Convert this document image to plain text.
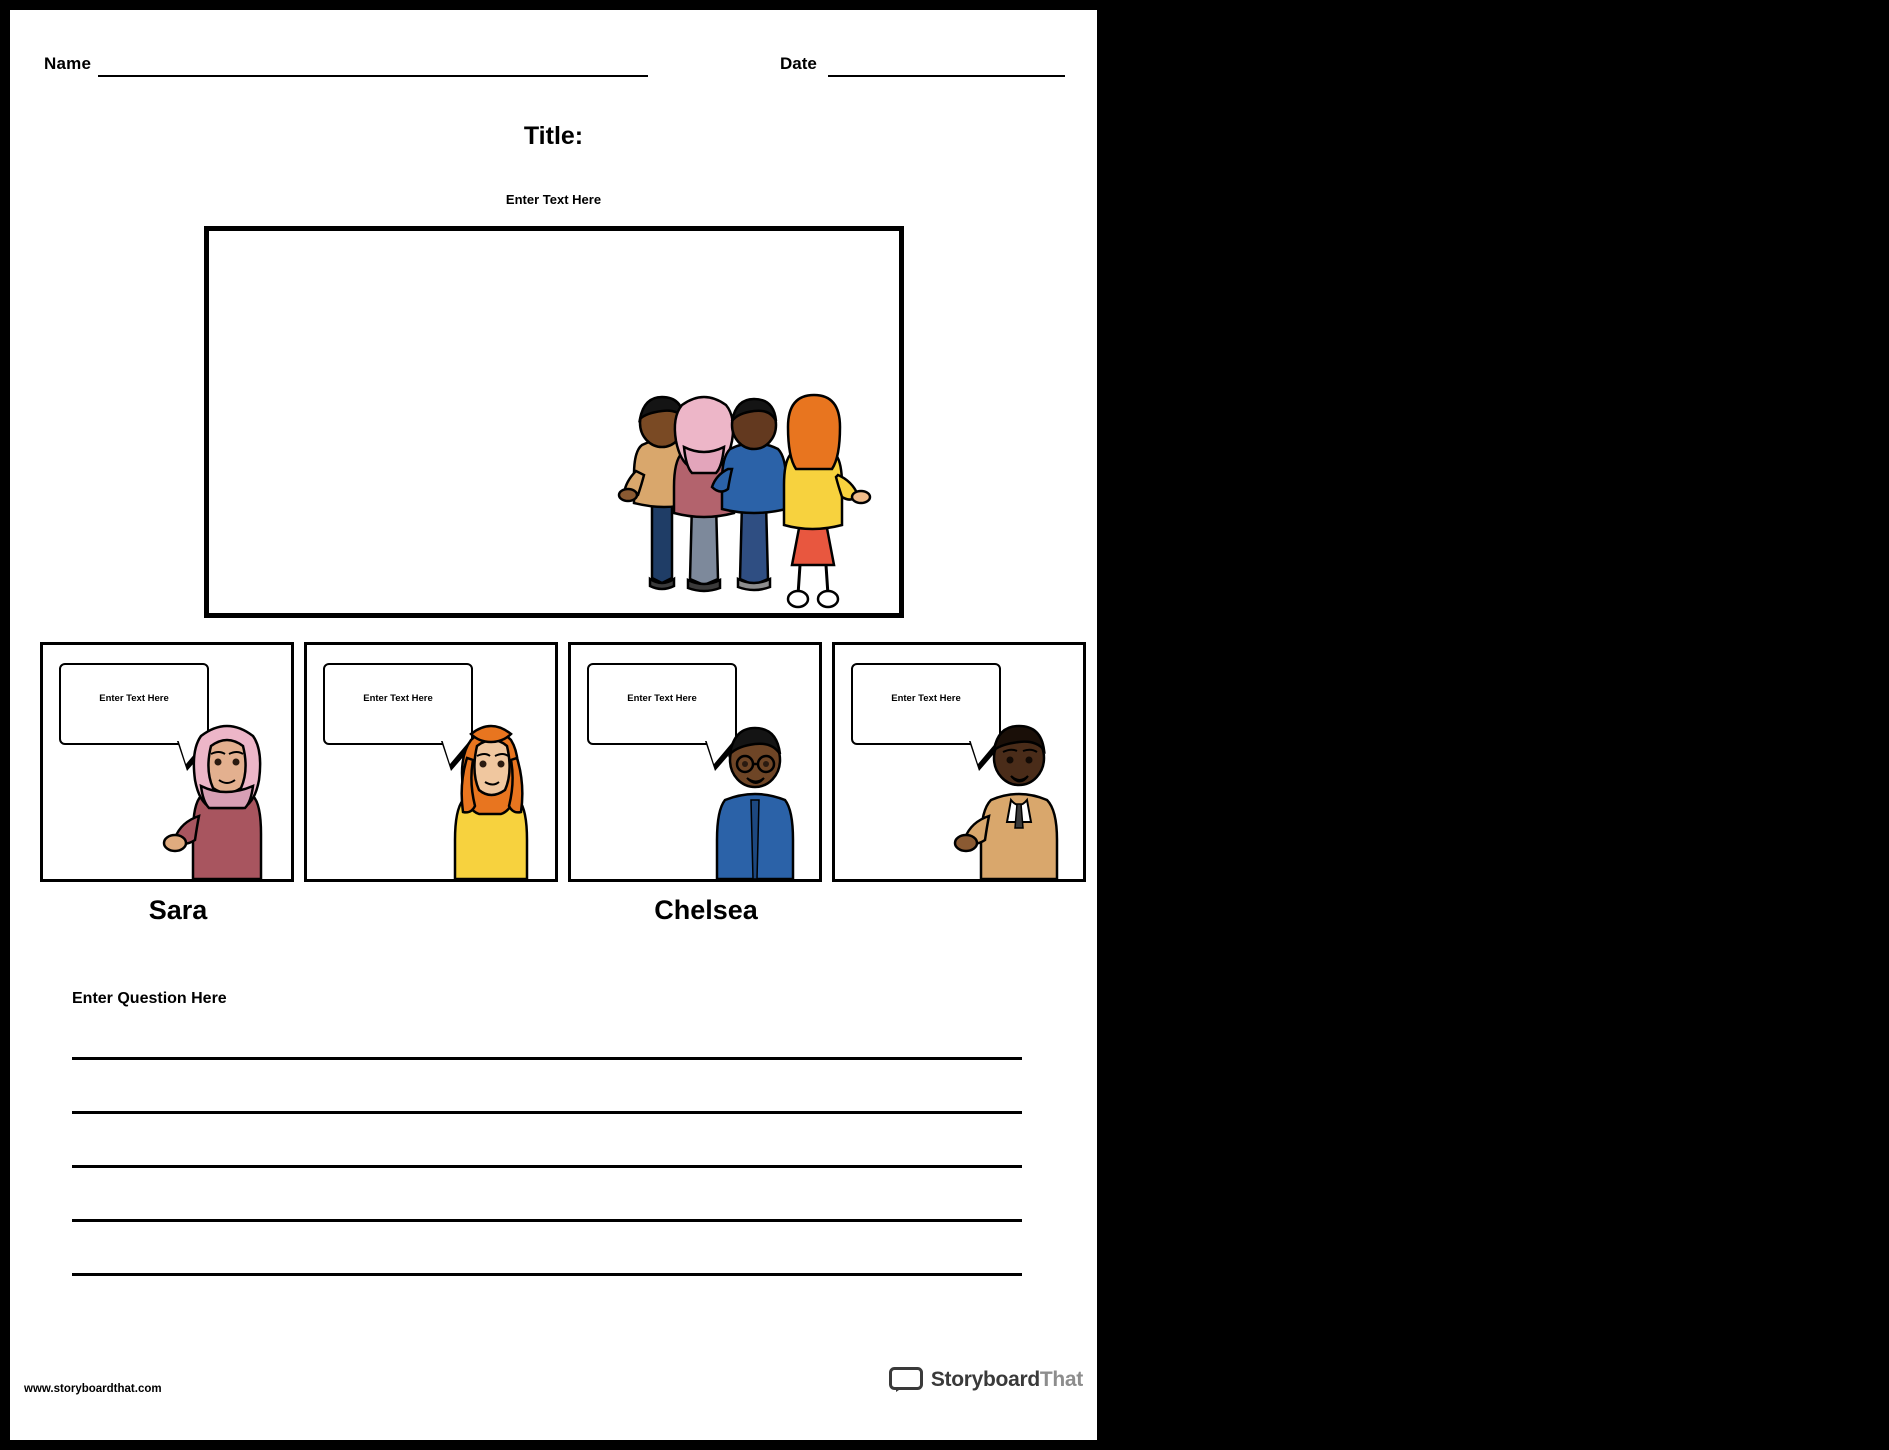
Name	Date
Title:
Enter Text Here
Enter Text Here
Sara
Enter Text Here
Chelsea
Enter Text Here
Jose
Enter Text Here
Curtis
Enter Question Here
www.storyboardthat.com	StoryboardThat
